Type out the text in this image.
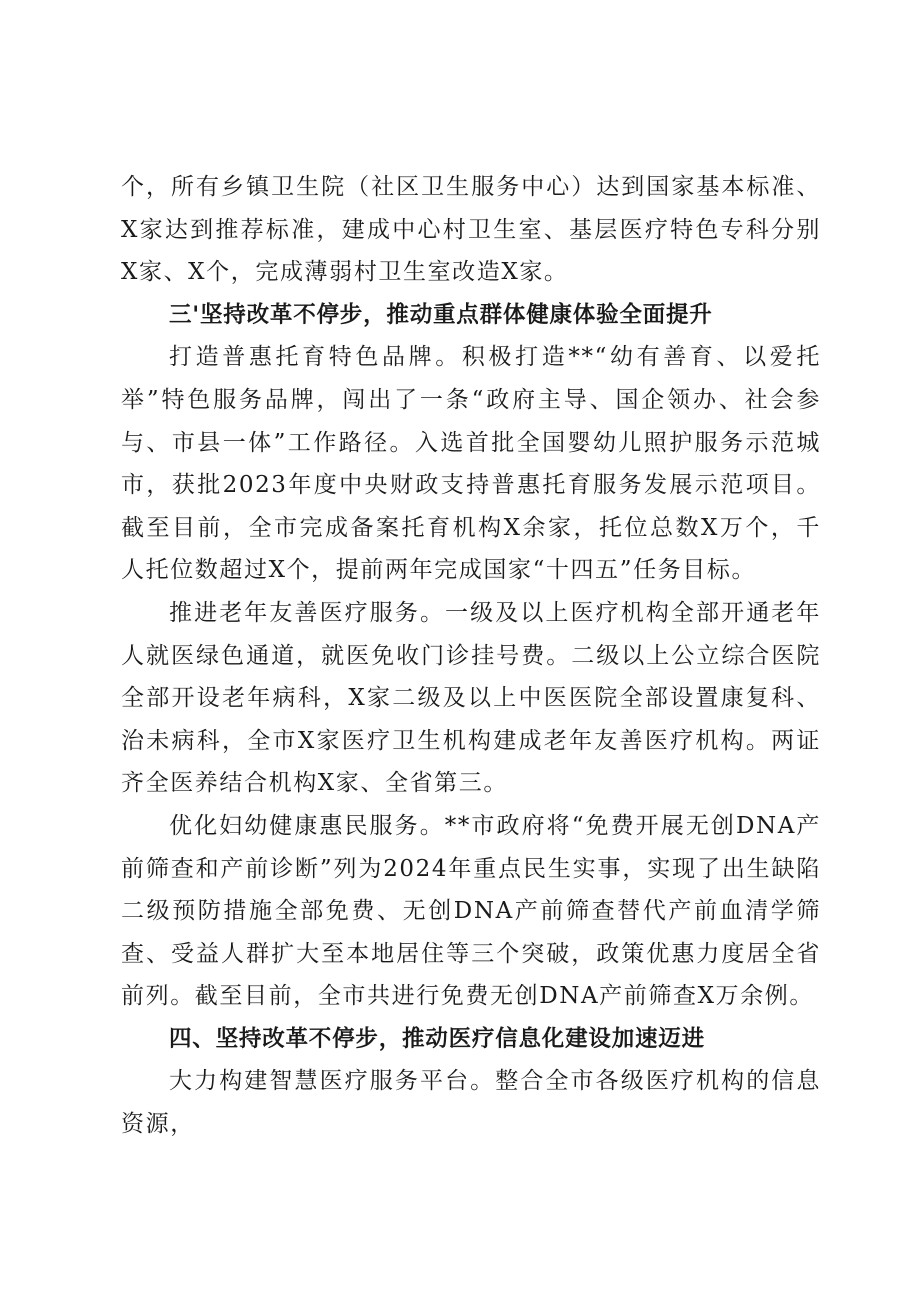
个，所有乡镇卫生院（社区卫生服务中心）达到国家基本标准、X家达到推荐标准，建成中心村卫生室、基层医疗特色专科分别X家、X个，完成薄弱村卫生室改造X家。

三'坚持改革不停步，推动重点群体健康体验全面提升

打造普惠托育特色品牌。积极打造**“幼有善育、以爱托举”特色服务品牌，闯出了一条“政府主导、国企领办、社会参与、市县一体”工作路径。入选首批全国婴幼儿照护服务示范城市，获批2023年度中央财政支持普惠托育服务发展示范项目。截至目前，全市完成备案托育机构X余家，托位总数X万个，千人托位数超过X个，提前两年完成国家“十四五”任务目标。

推进老年友善医疗服务。一级及以上医疗机构全部开通老年人就医绿色通道，就医免收门诊挂号费。二级以上公立综合医院全部开设老年病科，X家二级及以上中医医院全部设置康复科、治未病科，全市X家医疗卫生机构建成老年友善医疗机构。两证齐全医养结合机构X家、全省第三。

优化妇幼健康惠民服务。**市政府将“免费开展无创DNA产前筛查和产前诊断”列为2024年重点民生实事，实现了出生缺陷二级预防措施全部免费、无创DNA产前筛查替代产前血清学筛查、受益人群扩大至本地居住等三个突破，政策优惠力度居全省前列。截至目前，全市共进行免费无创DNA产前筛查X万余例。

四、坚持改革不停步，推动医疗信息化建设加速迈进

大力构建智慧医疗服务平台。整合全市各级医疗机构的信息资源，
